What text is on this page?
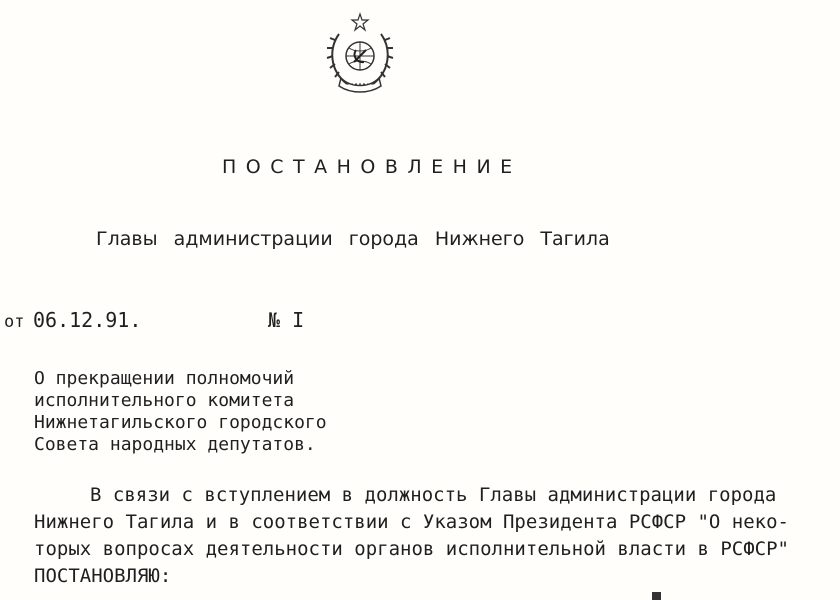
ПОСТАНОВЛЕНИЕ
Главы администрации города Нижнего Тагила
от 06.12.91.	№ I
О прекращении полномочий
исполнительного комитета
Нижнетагильского городского
Совета народных депутатов.
В связи с вступлением в должность Главы администрации города
Нижнего Тагила и в соответствии с Указом Президента РСФСР "О неко-
торых вопросах деятельности органов исполнительной власти в РСФСР"
ПОСТАНОВЛЯЮ:
